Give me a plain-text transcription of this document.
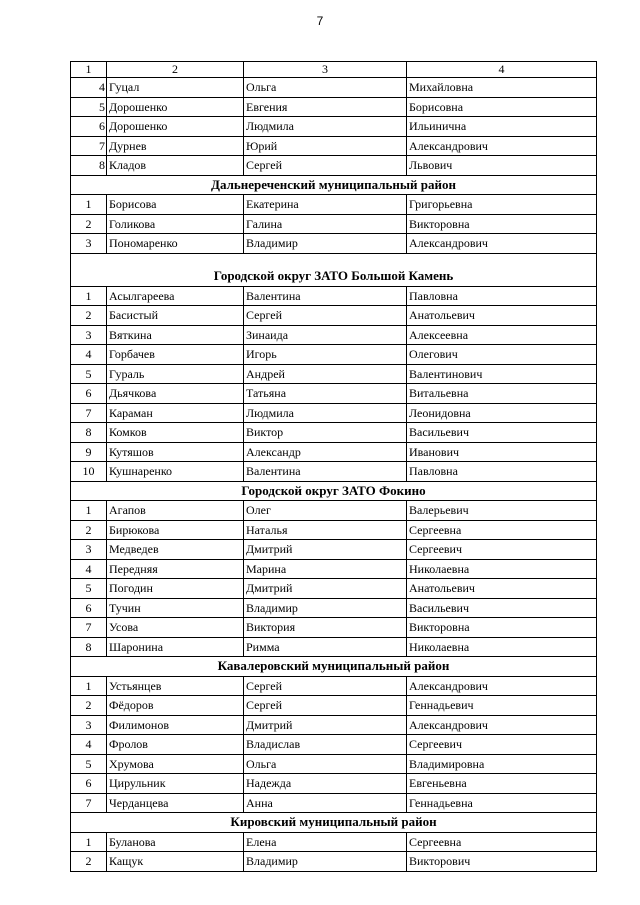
7
1	2	3	4
4	Гуцал	Ольга	Михайловна
5	Дорошенко	Евгения	Борисовна
6	Дорошенко	Людмила	Ильинична
7	Дурнев	Юрий	Александрович
8	Кладов	Сергей	Львович
Дальнереченский муниципальный район			
1	Борисова	Екатерина	Григорьевна
2	Голикова	Галина	Викторовна
3	Пономаренко	Владимир	Александрович
Городской округ ЗАТО Большой Камень			
1	Асылгареева	Валентина	Павловна
2	Басистый	Сергей	Анатольевич
3	Вяткина	Зинаида	Алексеевна
4	Горбачев	Игорь	Олегович
5	Гураль	Андрей	Валентинович
6	Дьячкова	Татьяна	Витальевна
7	Караман	Людмила	Леонидовна
8	Комков	Виктор	Васильевич
9	Кутяшов	Александр	Иванович
10	Кушнаренко	Валентина	Павловна
Городской округ ЗАТО Фокино			
1	Агапов	Олег	Валерьевич
2	Бирюкова	Наталья	Сергеевна
3	Медведев	Дмитрий	Сергеевич
4	Передняя	Марина	Николаевна
5	Погодин	Дмитрий	Анатольевич
6	Тучин	Владимир	Васильевич
7	Усова	Виктория	Викторовна
8	Шаронина	Римма	Николаевна
Кавалеровский муниципальный район			
1	Устьянцев	Сергей	Александрович
2	Фёдоров	Сергей	Геннадьевич
3	Филимонов	Дмитрий	Александрович
4	Фролов	Владислав	Сергеевич
5	Хрумова	Ольга	Владимировна
6	Цирульник	Надежда	Евгеньевна
7	Черданцева	Анна	Геннадьевна
Кировский муниципальный район			
1	Буланова	Елена	Сергеевна
2	Кащук	Владимир	Викторович
